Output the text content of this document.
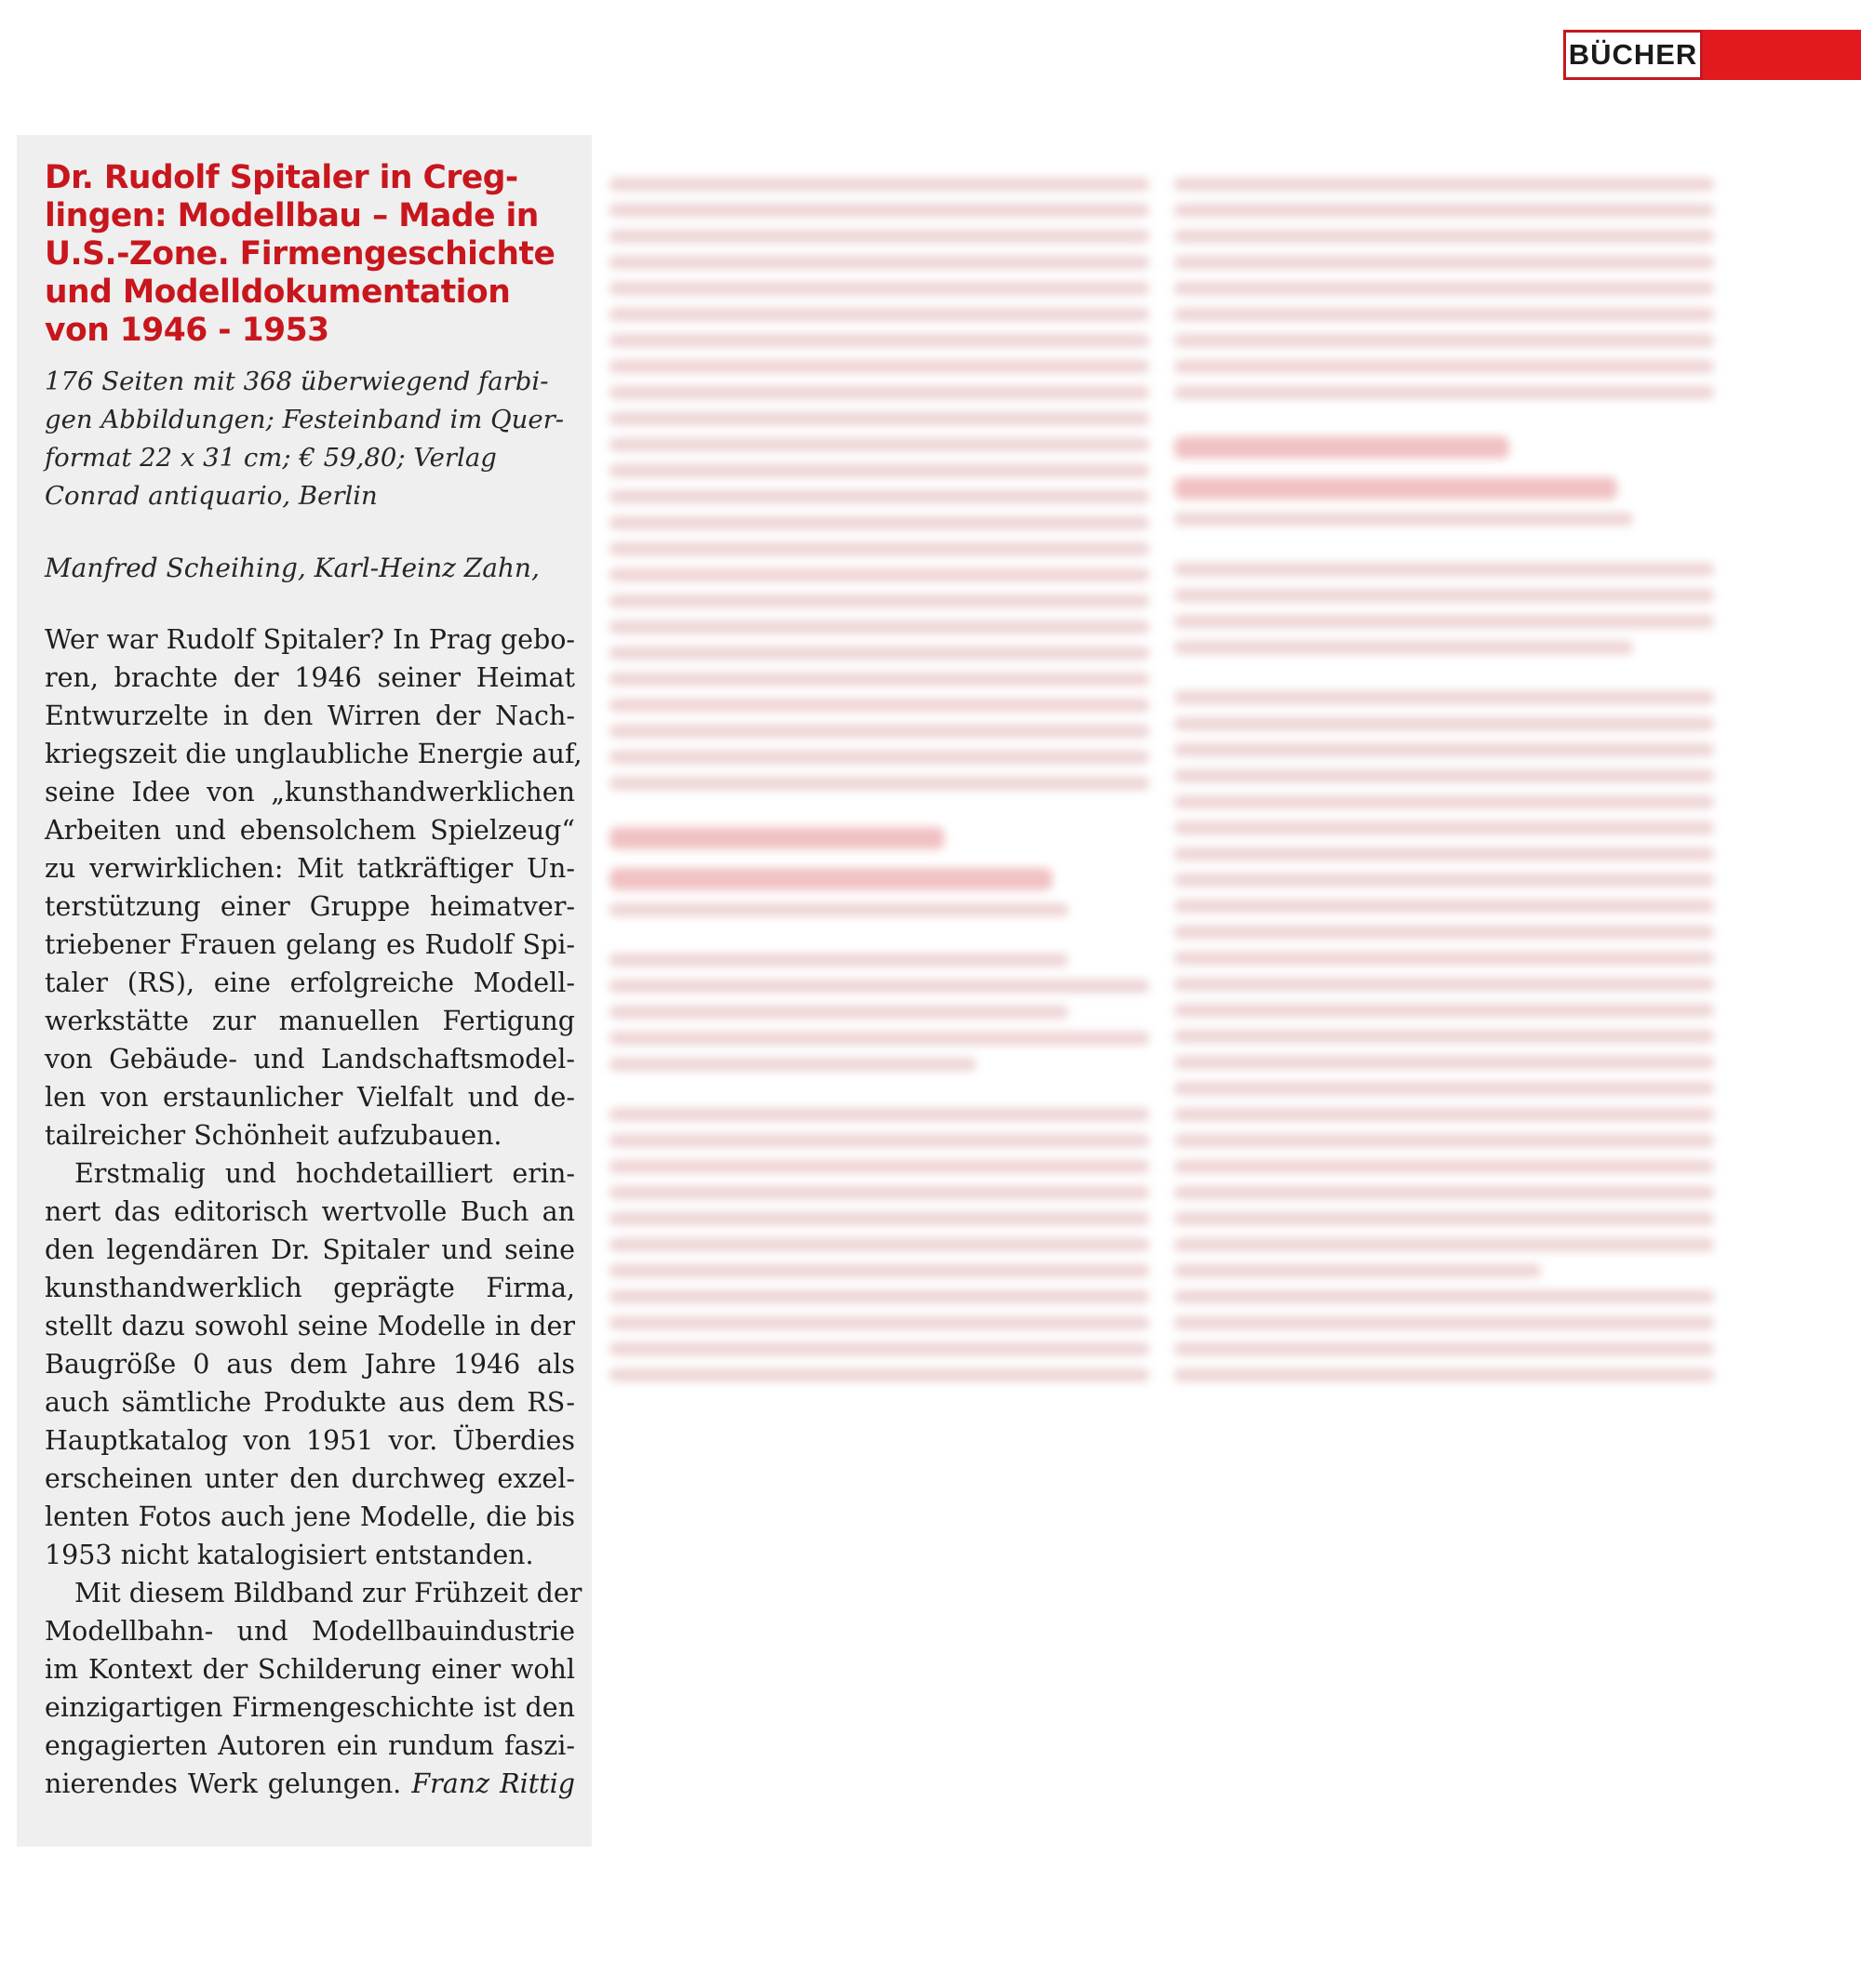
BÜCHER
Dr. Rudolf Spitaler in Creg-
lingen: Modellbau – Made in
U.S.-Zone. Firmengeschichte
und Modelldokumentation
von 1946 - 1953

176 Seiten mit 368 überwiegend farbi-
gen Abbildungen; Festeinband im Quer-
format 22 x 31 cm; € 59,80; Verlag
Conrad antiquario, Berlin

Manfred Scheihing, Karl-Heinz Zahn,

Wer war Rudolf Spitaler? In Prag gebo-
ren, brachte der 1946 seiner Heimat
Entwurzelte in den Wirren der Nach-
kriegszeit die unglaubliche Energie auf,
seine Idee von „kunsthandwerklichen
Arbeiten und ebensolchem Spielzeug“
zu verwirklichen: Mit tatkräftiger Un-
terstützung einer Gruppe heimatver-
triebener Frauen gelang es Rudolf Spi-
taler (RS), eine erfolgreiche Modell-
werkstätte zur manuellen Fertigung
von Gebäude- und Landschaftsmodel-
len von erstaunlicher Vielfalt und de-
tailreicher Schönheit aufzubauen.

Erstmalig und hochdetailliert erin-
nert das editorisch wertvolle Buch an
den legendären Dr. Spitaler und seine
kunsthandwerklich geprägte Firma,
stellt dazu sowohl seine Modelle in der
Baugröße 0 aus dem Jahre 1946 als
auch sämtliche Produkte aus dem RS-
Hauptkatalog von 1951 vor. Überdies
erscheinen unter den durchweg exzel-
lenten Fotos auch jene Modelle, die bis
1953 nicht katalogisiert entstanden.

Mit diesem Bildband zur Frühzeit der
Modellbahn- und Modellbauindustrie
im Kontext der Schilderung einer wohl
einzigartigen Firmengeschichte ist den
engagierten Autoren ein rundum faszi-
nierendes Werk gelungen. Franz Rittig
